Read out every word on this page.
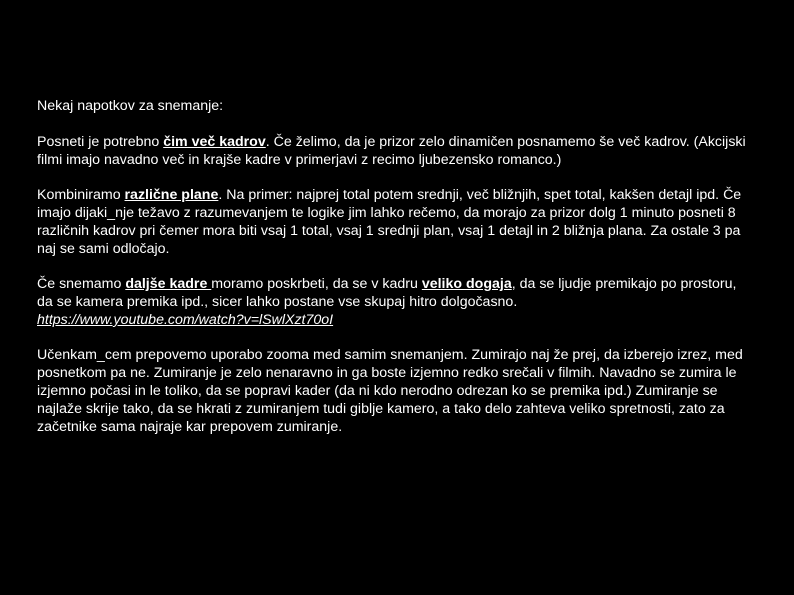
Nekaj napotkov za snemanje:

Posneti je potrebno čim več kadrov. Če želimo, da je prizor zelo dinamičen posnamemo še več kadrov. (Akcijski filmi imajo navadno več in krajše kadre v primerjavi z recimo ljubezensko romanco.)

Kombiniramo različne plane. Na primer: najprej total potem srednji, več bližnjih, spet total, kakšen detajl ipd. Če imajo dijaki_nje težavo z razumevanjem te logike jim lahko rečemo, da morajo za prizor dolg 1 minuto posneti 8 različnih kadrov pri čemer mora biti vsaj 1 total, vsaj 1 srednji plan, vsaj 1 detajl in 2 bližnja plana. Za ostale 3 pa naj se sami odločajo.

Če snemamo daljše kadre moramo poskrbeti, da se v kadru veliko dogaja, da se ljudje premikajo po prostoru, da se kamera premika ipd., sicer lahko postane vse skupaj hitro dolgočasno.
https://www.youtube.com/watch?v=lSwlXzt70oI

Učenkam_cem prepovemo uporabo zooma med samim snemanjem. Zumirajo naj že prej, da izberejo izrez, med posnetkom pa ne. Zumiranje je zelo nenaravno in ga boste izjemno redko srečali v filmih. Navadno se zumira le izjemno počasi in le toliko, da se popravi kader (da ni kdo nerodno odrezan ko se premika ipd.) Zumiranje se najlaže skrije tako, da se hkrati z zumiranjem tudi giblje kamero, a tako delo zahteva veliko spretnosti, zato za začetnike sama najraje kar prepovem zumiranje.
